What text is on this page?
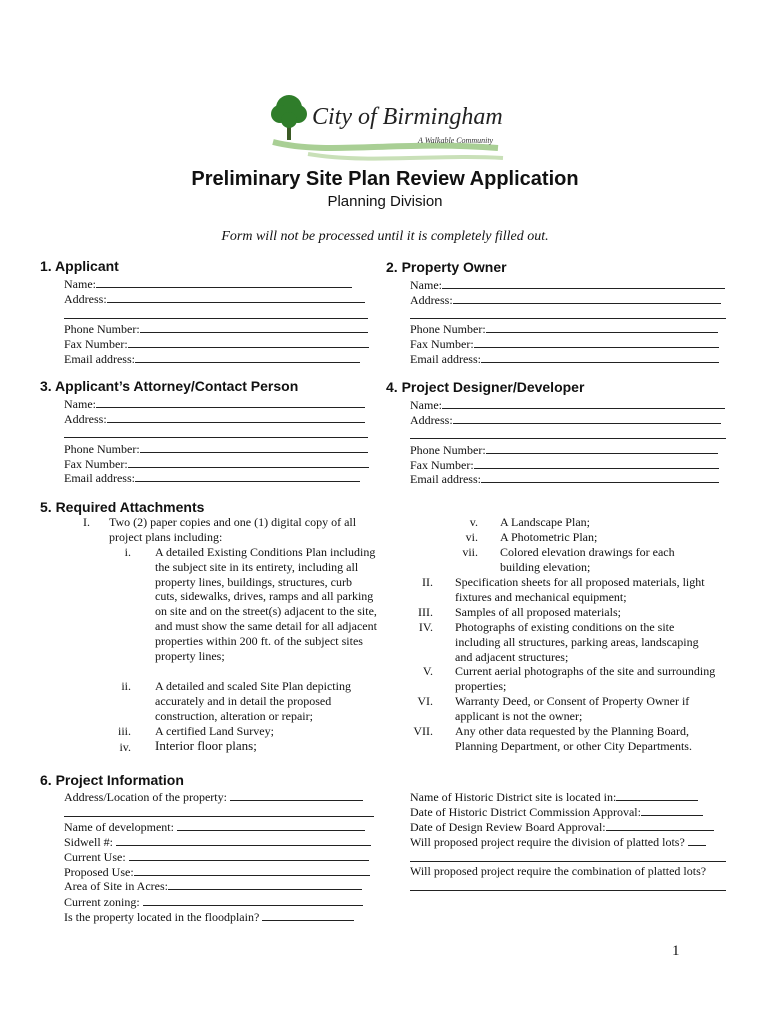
City of Birmingham
A Walkable Community
Preliminary Site Plan Review Application
Planning Division
Form will not be processed until it is completely filled out.
1. Applicant
Name:
Address:
Phone Number:
Fax Number:
Email address:
2. Property Owner
Name:
Address:
Phone Number:
Fax Number:
Email address:
3. Applicant’s Attorney/Contact Person
Name:
Address:
Phone Number:
Fax Number:
Email address:
4. Project Designer/Developer
Name:
Address:
Phone Number:
Fax Number:
Email address:
5. Required Attachments
I. Two (2) paper copies and one (1) digital copy of all project plans including:
i. A detailed Existing Conditions Plan including the subject site in its entirety, including all property lines, buildings, structures, curb cuts, sidewalks, drives, ramps and all parking on site and on the street(s) adjacent to the site, and must show the same detail for all adjacent properties within 200 ft. of the subject sites property lines;
ii. A detailed and scaled Site Plan depicting accurately and in detail the proposed construction, alteration or repair;
iii. A certified Land Survey;
iv. Interior floor plans;
v. A Landscape Plan;
vi. A Photometric Plan;
vii. Colored elevation drawings for each building elevation;
II. Specification sheets for all proposed materials, light fixtures and mechanical equipment;
III. Samples of all proposed materials;
IV. Photographs of existing conditions on the site including all structures, parking areas, landscaping and adjacent structures;
V. Current aerial photographs of the site and surrounding properties;
VI. Warranty Deed, or Consent of Property Owner if applicant is not the owner;
VII. Any other data requested by the Planning Board, Planning Department, or other City Departments.
6. Project Information
Address/Location of the property:
Name of development:
Sidwell #:
Current Use:
Proposed Use:
Area of Site in Acres:
Current zoning:
Is the property located in the floodplain?
Name of Historic District site is located in:
Date of Historic District Commission Approval:
Date of Design Review Board Approval:
Will proposed project require the division of platted lots?
Will proposed project require the combination of platted lots?
1
